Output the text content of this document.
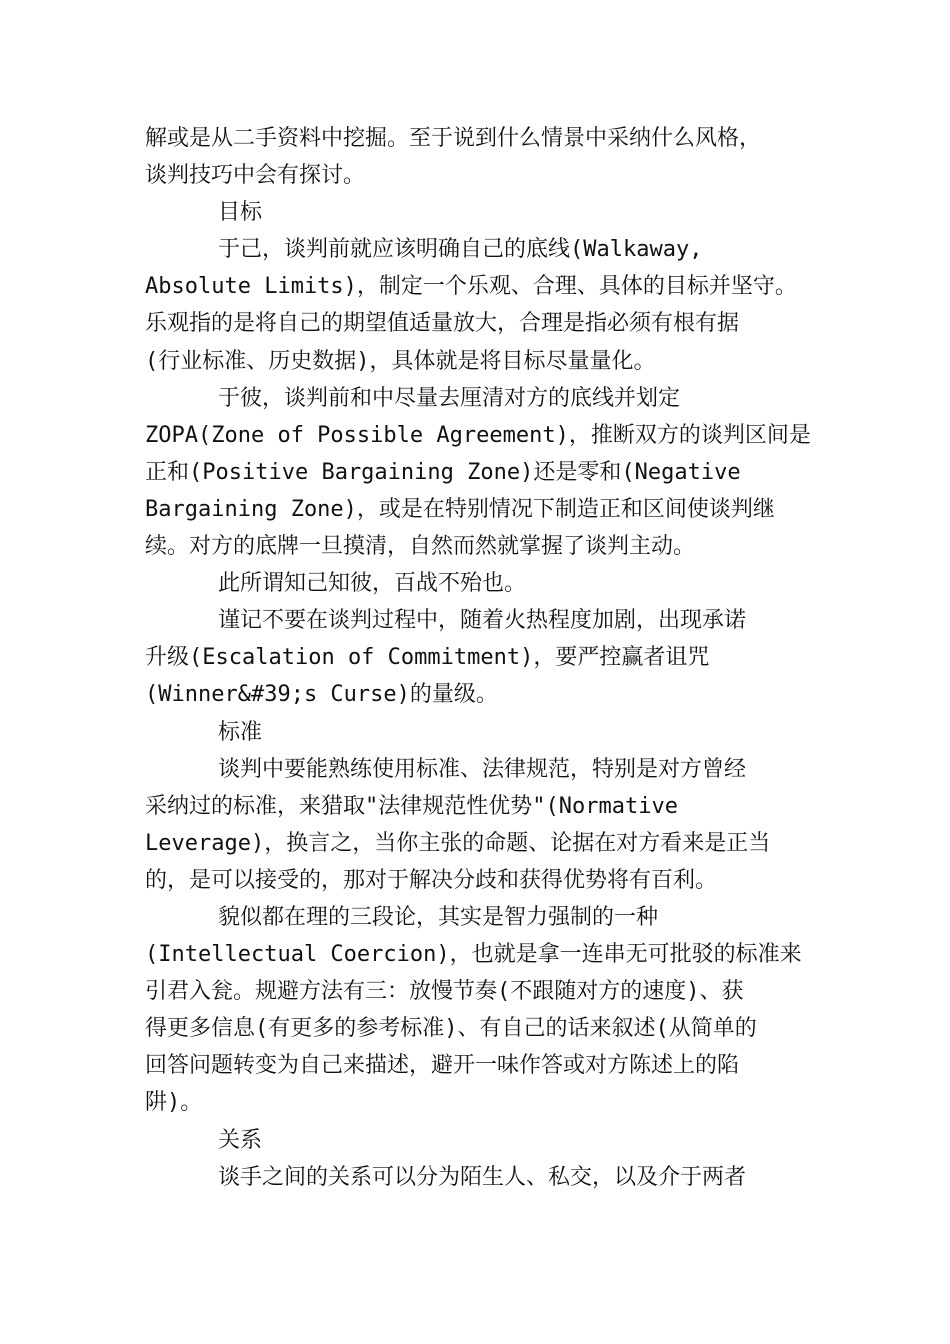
解或是从二手资料中挖掘。至于说到什么情景中采纳什么风格，
谈判技巧中会有探讨。
目标
于己，谈判前就应该明确自己的底线(Walkaway,
Absolute Limits)，制定一个乐观、合理、具体的目标并坚守。
乐观指的是将自己的期望值适量放大，合理是指必须有根有据
(行业标准、历史数据)，具体就是将目标尽量量化。
于彼，谈判前和中尽量去厘清对方的底线并划定
ZOPA(Zone of Possible Agreement)，推断双方的谈判区间是
正和(Positive Bargaining Zone)还是零和(Negative
Bargaining Zone)，或是在特别情况下制造正和区间使谈判继
续。对方的底牌一旦摸清，自然而然就掌握了谈判主动。
此所谓知己知彼，百战不殆也。
谨记不要在谈判过程中，随着火热程度加剧，出现承诺
升级(Escalation of Commitment)，要严控赢者诅咒
(Winner&#39;s Curse)的量级。
标准
谈判中要能熟练使用标准、法律规范，特别是对方曾经
采纳过的标准，来猎取"法律规范性优势"(Normative
Leverage)，换言之，当你主张的命题、论据在对方看来是正当
的，是可以接受的，那对于解决分歧和获得优势将有百利。
貌似都在理的三段论，其实是智力强制的一种
(Intellectual Coercion)，也就是拿一连串无可批驳的标准来
引君入瓮。规避方法有三：放慢节奏(不跟随对方的速度)、获
得更多信息(有更多的参考标准)、有自己的话来叙述(从简单的
回答问题转变为自己来描述，避开一味作答或对方陈述上的陷
阱)。
关系
谈手之间的关系可以分为陌生人、私交，以及介于两者
